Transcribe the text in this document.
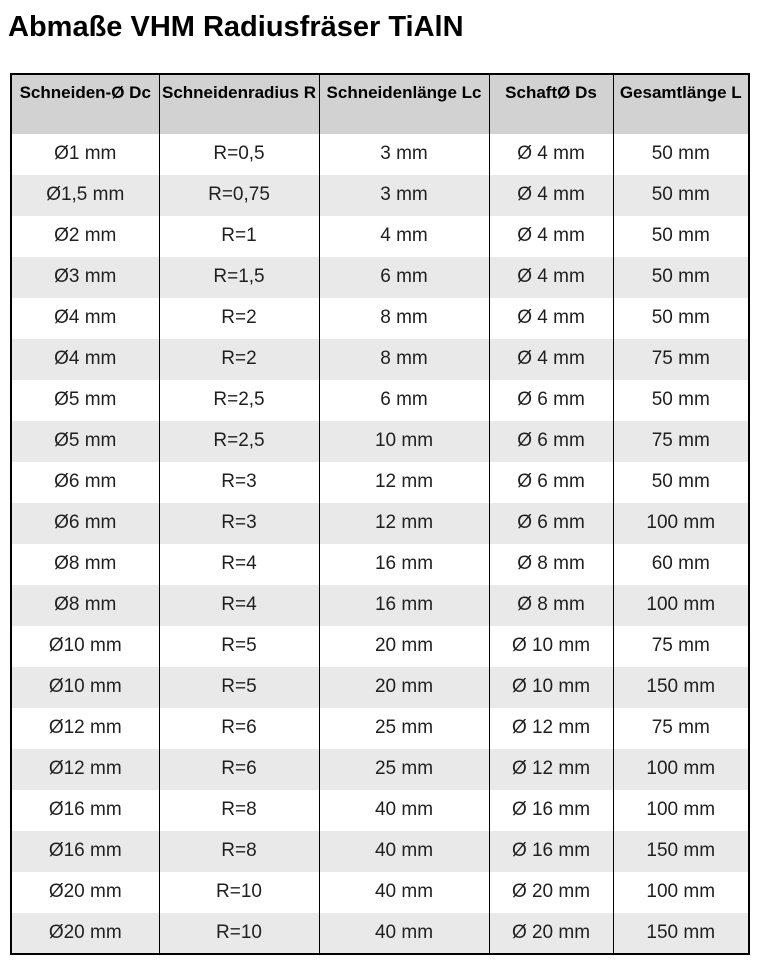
Abmaße VHM Radiusfräser TiAlN
Schneiden-Ø Dc	Schneidenradius R	Schneidenlänge Lc	SchaftØ Ds	Gesamtlänge L
Ø1 mm	R=0,5	3 mm	Ø 4 mm	50 mm
Ø1,5 mm	R=0,75	3 mm	Ø 4 mm	50 mm
Ø2 mm	R=1	4 mm	Ø 4 mm	50 mm
Ø3 mm	R=1,5	6 mm	Ø 4 mm	50 mm
Ø4 mm	R=2	8 mm	Ø 4 mm	50 mm
Ø4 mm	R=2	8 mm	Ø 4 mm	75 mm
Ø5 mm	R=2,5	6 mm	Ø 6 mm	50 mm
Ø5 mm	R=2,5	10 mm	Ø 6 mm	75 mm
Ø6 mm	R=3	12 mm	Ø 6 mm	50 mm
Ø6 mm	R=3	12 mm	Ø 6 mm	100 mm
Ø8 mm	R=4	16 mm	Ø 8 mm	60 mm
Ø8 mm	R=4	16 mm	Ø 8 mm	100 mm
Ø10 mm	R=5	20 mm	Ø 10 mm	75 mm
Ø10 mm	R=5	20 mm	Ø 10 mm	150 mm
Ø12 mm	R=6	25 mm	Ø 12 mm	75 mm
Ø12 mm	R=6	25 mm	Ø 12 mm	100 mm
Ø16 mm	R=8	40 mm	Ø 16 mm	100 mm
Ø16 mm	R=8	40 mm	Ø 16 mm	150 mm
Ø20 mm	R=10	40 mm	Ø 20 mm	100 mm
Ø20 mm	R=10	40 mm	Ø 20 mm	150 mm
